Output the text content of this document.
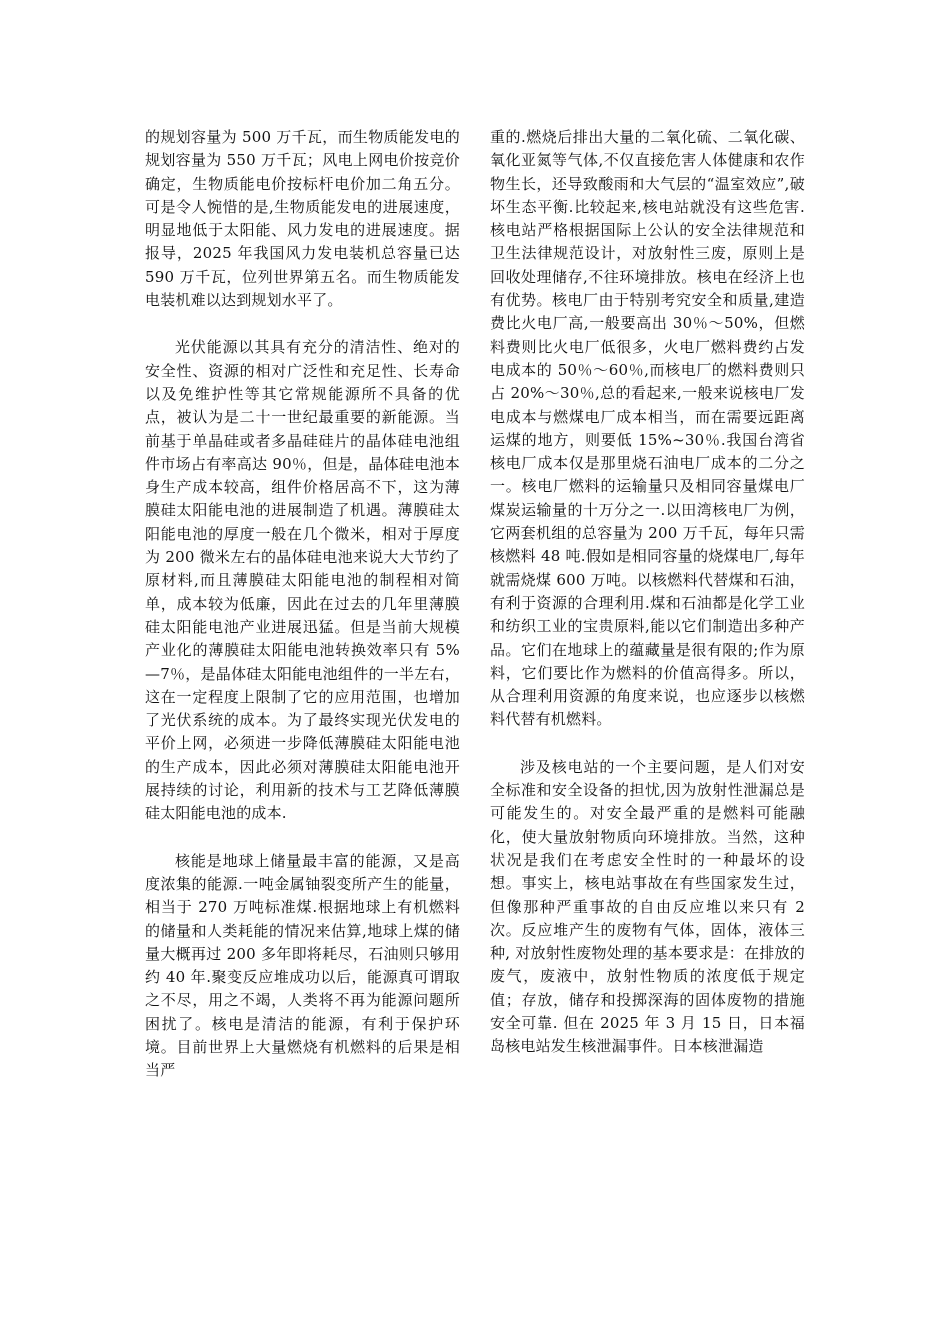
的规划容量为 500 万千瓦，而生物质能发电的规划容量为 550 万千瓦；风电上网电价按竞价确定，生物质能电价按标杆电价加二角五分。可是令人惋惜的是,生物质能发电的进展速度，明显地低于太阳能、风力发电的进展速度。据报导，2025 年我国风力发电装机总容量已达 590 万千瓦，位列世界第五名。而生物质能发电装机难以达到规划水平了。

光伏能源以其具有充分的清洁性、绝对的安全性、资源的相对广泛性和充足性、长寿命以及免维护性等其它常规能源所不具备的优点，被认为是二十一世纪最重要的新能源。当前基于单晶硅或者多晶硅硅片的晶体硅电池组件市场占有率高达 90％，但是，晶体硅电池本身生产成本较高，组件价格居高不下，这为薄膜硅太阳能电池的进展制造了机遇。薄膜硅太阳能电池的厚度一般在几个微米，相对于厚度为 200 微米左右的晶体硅电池来说大大节约了原材料,而且薄膜硅太阳能电池的制程相对简单，成本较为低廉，因此在过去的几年里薄膜硅太阳能电池产业进展迅猛。但是当前大规模产业化的薄膜硅太阳能电池转换效率只有 5%—7％，是晶体硅太阳能电池组件的一半左右，这在一定程度上限制了它的应用范围，也增加了光伏系统的成本。为了最终实现光伏发电的平价上网，必须进一步降低薄膜硅太阳能电池的生产成本，因此必须对薄膜硅太阳能电池开展持续的讨论，利用新的技术与工艺降低薄膜硅太阳能电池的成本.

核能是地球上储量最丰富的能源，又是高度浓集的能源.一吨金属铀裂变所产生的能量，相当于 270 万吨标准煤.根据地球上有机燃料的储量和人类耗能的情况来估算,地球上煤的储量大概再过 200 多年即将耗尽，石油则只够用约 40 年.聚变反应堆成功以后，能源真可谓取之不尽，用之不竭，人类将不再为能源问题所困扰了。核电是清洁的能源，有利于保护环境。目前世界上大量燃烧有机燃料的后果是相当严

重的.燃烧后排出大量的二氧化硫、二氧化碳、氧化亚氮等气体,不仅直接危害人体健康和农作物生长，还导致酸雨和大气层的“温室效应”,破坏生态平衡.比较起来,核电站就没有这些危害.核电站严格根据国际上公认的安全法律规范和卫生法律规范设计，对放射性三废，原则上是回收处理储存,不往环境排放。核电在经济上也有优势。核电厂由于特别考究安全和质量,建造费比火电厂高,一般要高出 30％～50%，但燃料费则比火电厂低很多，火电厂燃料费约占发电成本的 50％～60％,而核电厂的燃料费则只占 20%～30％,总的看起来,一般来说核电厂发电成本与燃煤电厂成本相当，而在需要远距离运煤的地方，则要低 15%~30％.我国台湾省核电厂成本仅是那里烧石油电厂成本的二分之一。核电厂燃料的运输量只及相同容量煤电厂煤炭运输量的十万分之一.以田湾核电厂为例，它两套机组的总容量为 200 万千瓦，每年只需核燃料 48 吨.假如是相同容量的烧煤电厂,每年就需烧煤 600 万吨。以核燃料代替煤和石油，有利于资源的合理利用.煤和石油都是化学工业和纺织工业的宝贵原料,能以它们制造出多种产品。它们在地球上的蕴藏量是很有限的;作为原料，它们要比作为燃料的价值高得多。所以，从合理利用资源的角度来说，也应逐步以核燃料代替有机燃料。

涉及核电站的一个主要问题，是人们对安全标准和安全设备的担忧,因为放射性泄漏总是可能发生的。对安全最严重的是燃料可能融化，使大量放射物质向环境排放。当然，这种状况是我们在考虑安全性时的一种最坏的设想。事实上，核电站事故在有些国家发生过，但像那种严重事故的自由反应堆以来只有 2 次。反应堆产生的废物有气体，固体，液体三种, 对放射性废物处理的基本要求是：在排放的废气，废液中，放射性物质的浓度低于规定值；存放，储存和投掷深海的固体废物的措施安全可靠. 但在 2025 年 3 月 15 日，日本福岛核电站发生核泄漏事件。日本核泄漏造
